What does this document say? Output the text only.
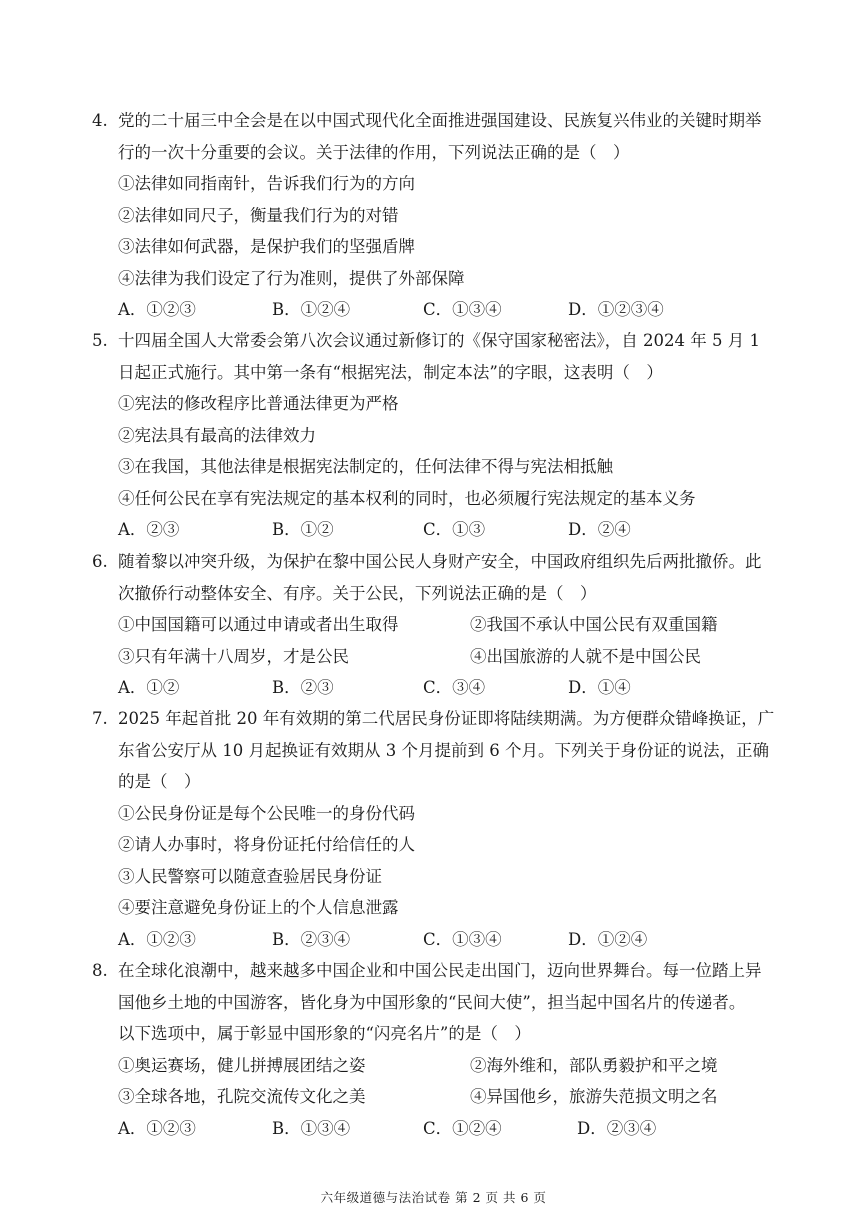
4. 党的二十届三中全会是在以中国式现代化全面推进强国建设、民族复兴伟业的关键时期举
行的一次十分重要的会议。关于法律的作用，下列说法正确的是（　）
①法律如同指南针，告诉我们行为的方向
②法律如同尺子，衡量我们行为的对错
③法律如何武器，是保护我们的坚强盾牌
④法律为我们设定了行为准则，提供了外部保障
A．①②③	B．①②④	C．①③④	D．①②③④
5. 十四届全国人大常委会第八次会议通过新修订的《保守国家秘密法》，自 2024 年 5 月 1
日起正式施行。其中第一条有“根据宪法，制定本法”的字眼，这表明（　）
①宪法的修改程序比普通法律更为严格
②宪法具有最高的法律效力
③在我国，其他法律是根据宪法制定的，任何法律不得与宪法相抵触
④任何公民在享有宪法规定的基本权利的同时，也必须履行宪法规定的基本义务
A．②③	B．①②	C．①③	D．②④
6. 随着黎以冲突升级，为保护在黎中国公民人身财产安全，中国政府组织先后两批撤侨。此
次撤侨行动整体安全、有序。关于公民，下列说法正确的是（　）
①中国国籍可以通过申请或者出生取得	②我国不承认中国公民有双重国籍
③只有年满十八周岁，才是公民	④出国旅游的人就不是中国公民
A．①②	B．②③	C．③④	D．①④
7. 2025 年起首批 20 年有效期的第二代居民身份证即将陆续期满。为方便群众错峰换证，广
东省公安厅从 10 月起换证有效期从 3 个月提前到 6 个月。下列关于身份证的说法，正确
的是（　）
①公民身份证是每个公民唯一的身份代码
②请人办事时，将身份证托付给信任的人
③人民警察可以随意查验居民身份证
④要注意避免身份证上的个人信息泄露
A．①②③	B．②③④	C．①③④	D．①②④
8. 在全球化浪潮中，越来越多中国企业和中国公民走出国门，迈向世界舞台。每一位踏上异
国他乡土地的中国游客，皆化身为中国形象的“民间大使”，担当起中国名片的传递者。
以下选项中，属于彰显中国形象的“闪亮名片”的是（　）
①奥运赛场，健儿拼搏展团结之姿	②海外维和，部队勇毅护和平之境
③全球各地，孔院交流传文化之美	④异国他乡，旅游失范损文明之名
A．①②③	B．①③④	C．①②④	D．②③④
六年级道德与法治试卷 第 2 页 共 6 页
